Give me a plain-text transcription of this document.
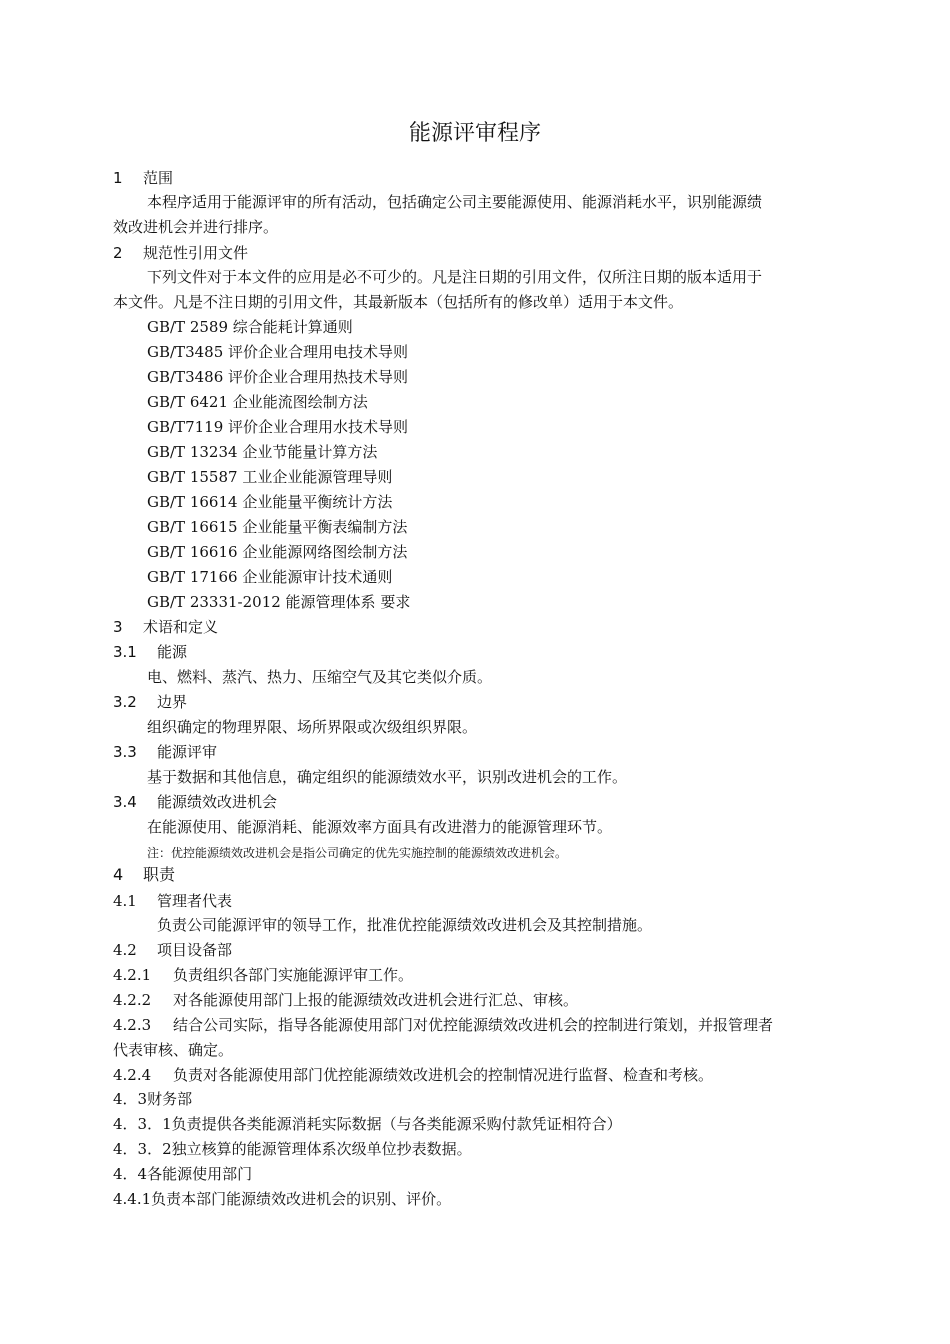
能源评审程序
1 范围
本程序适用于能源评审的所有活动，包括确定公司主要能源使用、能源消耗水平，识别能源绩
效改进机会并进行排序。
2 规范性引用文件
下列文件对于本文件的应用是必不可少的。凡是注日期的引用文件，仅所注日期的版本适用于
本文件。凡是不注日期的引用文件，其最新版本（包括所有的修改单）适用于本文件。
GB/T 2589 综合能耗计算通则
GB/T3485 评价企业合理用电技术导则
GB/T3486 评价企业合理用热技术导则
GB/T 6421 企业能流图绘制方法
GB/T7119 评价企业合理用水技术导则
GB/T 13234 企业节能量计算方法
GB/T 15587 工业企业能源管理导则
GB/T 16614 企业能量平衡统计方法
GB/T 16615 企业能量平衡表编制方法
GB/T 16616 企业能源网络图绘制方法
GB/T 17166 企业能源审计技术通则
GB/T 23331-2012 能源管理体系 要求
3 术语和定义
3.1 能源
电、燃料、蒸汽、热力、压缩空气及其它类似介质。
3.2 边界
组织确定的物理界限、场所界限或次级组织界限。
3.3 能源评审
基于数据和其他信息，确定组织的能源绩效水平，识别改进机会的工作。
3.4 能源绩效改进机会
在能源使用、能源消耗、能源效率方面具有改进潜力的能源管理环节。
注：优控能源绩效改进机会是指公司确定的优先实施控制的能源绩效改进机会。
4 职责
4.1 管理者代表
负责公司能源评审的领导工作，批准优控能源绩效改进机会及其控制措施。
4.2 项目设备部
4.2.1 负责组织各部门实施能源评审工作。
4.2.2 对各能源使用部门上报的能源绩效改进机会进行汇总、审核。
4.2.3 结合公司实际，指导各能源使用部门对优控能源绩效改进机会的控制进行策划，并报管理者
代表审核、确定。
4.2.4 负责对各能源使用部门优控能源绩效改进机会的控制情况进行监督、检查和考核。
4．3财务部
4．3．1负责提供各类能源消耗实际数据（与各类能源采购付款凭证相符合）
4．3．2独立核算的能源管理体系次级单位抄表数据。
4．4各能源使用部门
4.4.1负责本部门能源绩效改进机会的识别、评价。
